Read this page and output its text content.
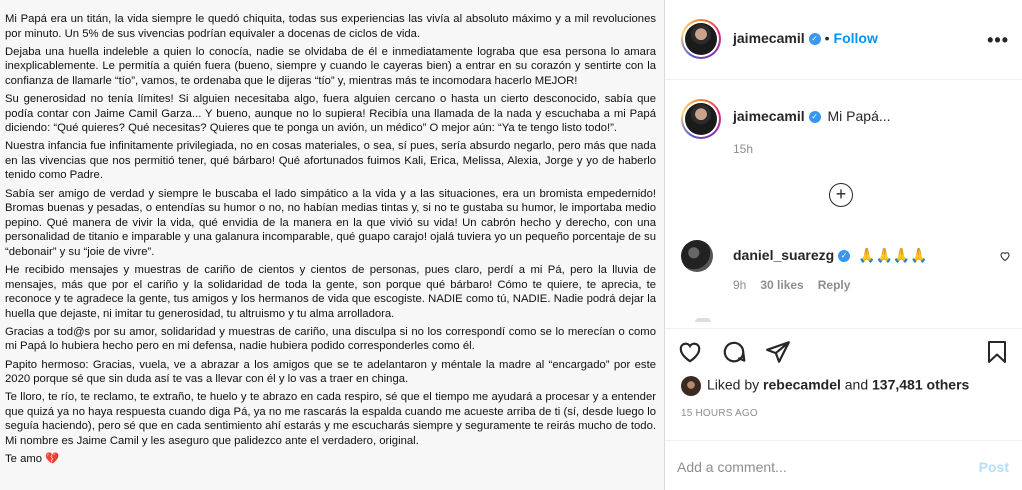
Mi Papá era un titán, la vida siempre le quedó chiquita, todas sus experiencias las vivía al absoluto máximo y a mil revoluciones por minuto. Un 5% de sus vivencias podrían equivaler a docenas de ciclos de vida.

Dejaba una huella indeleble a quien lo conocía, nadie se olvidaba de él e inmediatamente lograba que esa persona lo amara inexplicablemente. Le permitía a quién fuera (bueno, siempre y cuando le cayeras bien) a entrar en su corazón y sentirte con la confianza de llamarle “tío”, vamos, te ordenaba que le dijeras “tío” y, mientras más te incomodara hacerlo MEJOR!

Su generosidad no tenía límites! Si alguien necesitaba algo, fuera alguien cercano o hasta un cierto desconocido, sabía que podía contar con Jaime Camil Garza... Y bueno, aunque no lo supiera! Recibía una llamada de la nada y escuchaba a mi Papá diciendo: “Qué quieres? Qué necesitas? Quieres que te ponga un avión, un médico” O mejor aún: “Ya te tengo listo todo!”.

Nuestra infancia fue infinitamente privilegiada, no en cosas materiales, o sea, sí pues, sería absurdo negarlo, pero más que nada en las vivencias que nos permitió tener, qué bárbaro! Qué afortunados fuimos Kali, Erica, Melissa, Alexia, Jorge y yo de haberlo tenido como Padre.

Sabía ser amigo de verdad y siempre le buscaba el lado simpático a la vida y a las situaciones, era un bromista empedernido! Bromas buenas y pesadas, o entendías su humor o no, no habían medias tintas y, si no te gustaba su humor, le importaba medio pepino. Qué manera de vivir la vida, qué envidia de la manera en la que vivió su vida! Un cabrón hecho y derecho, con una personalidad de titanio e imparable y una galanura incomparable, qué guapo carajo! ojalá tuviera yo un pequeño porcentaje de su “debonair” y su “joie de vivre”.

He recibido mensajes y muestras de cariño de cientos y cientos de personas, pues claro, perdí a mi Pá, pero la lluvia de mensajes, más que por el cariño y la solidaridad de toda la gente, son porque qué bárbaro! Cómo te quiere, te aprecia, te reconoce y te agradece la gente, tus amigos y los hermanos de vida que escogiste. NADIE como tú, NADIE. Nadie podrá dejar la huella que dejaste, ni imitar tu generosidad, tu altruismo y tu alma arrolladora.

Gracias a tod@s por su amor, solidaridad y muestras de cariño, una disculpa si no los correspondí como se lo merecían o como mi Papá lo hubiera hecho pero en mi defensa, nadie hubiera podido corresponderles como él.

Papito hermoso: Gracias, vuela, ve a abrazar a los amigos que se te adelantaron y méntale la madre al “encargado” por este 2020 porque sé que sin duda así te vas a llevar con él y lo vas a traer en chinga.

Te lloro, te río, te reclamo, te extraño, te huelo y te abrazo en cada respiro, sé que el tiempo me ayudará a procesar y a entender que quizá ya no haya respuesta cuando diga Pá, ya no me rascarás la espalda cuando me acueste arriba de ti (sí, desde luego lo seguía haciendo), pero sé que en cada sentimiento ahí estarás y me escucharás siempre y seguramente te reirás mucho de todo. Mi nombre es Jaime Camil y les aseguro que palidezco ante el verdadero, original.

Te amo 💔

jaimecamil ✓ • Follow	•••
jaimecamil ✓ Mi Papá...
15h
+
daniel_suarezg ✓ 🙏🙏🙏🙏
9h 30 likes Reply
Liked by rebecamdel and 137,481 others
15 HOURS AGO
Add a comment...	Post
